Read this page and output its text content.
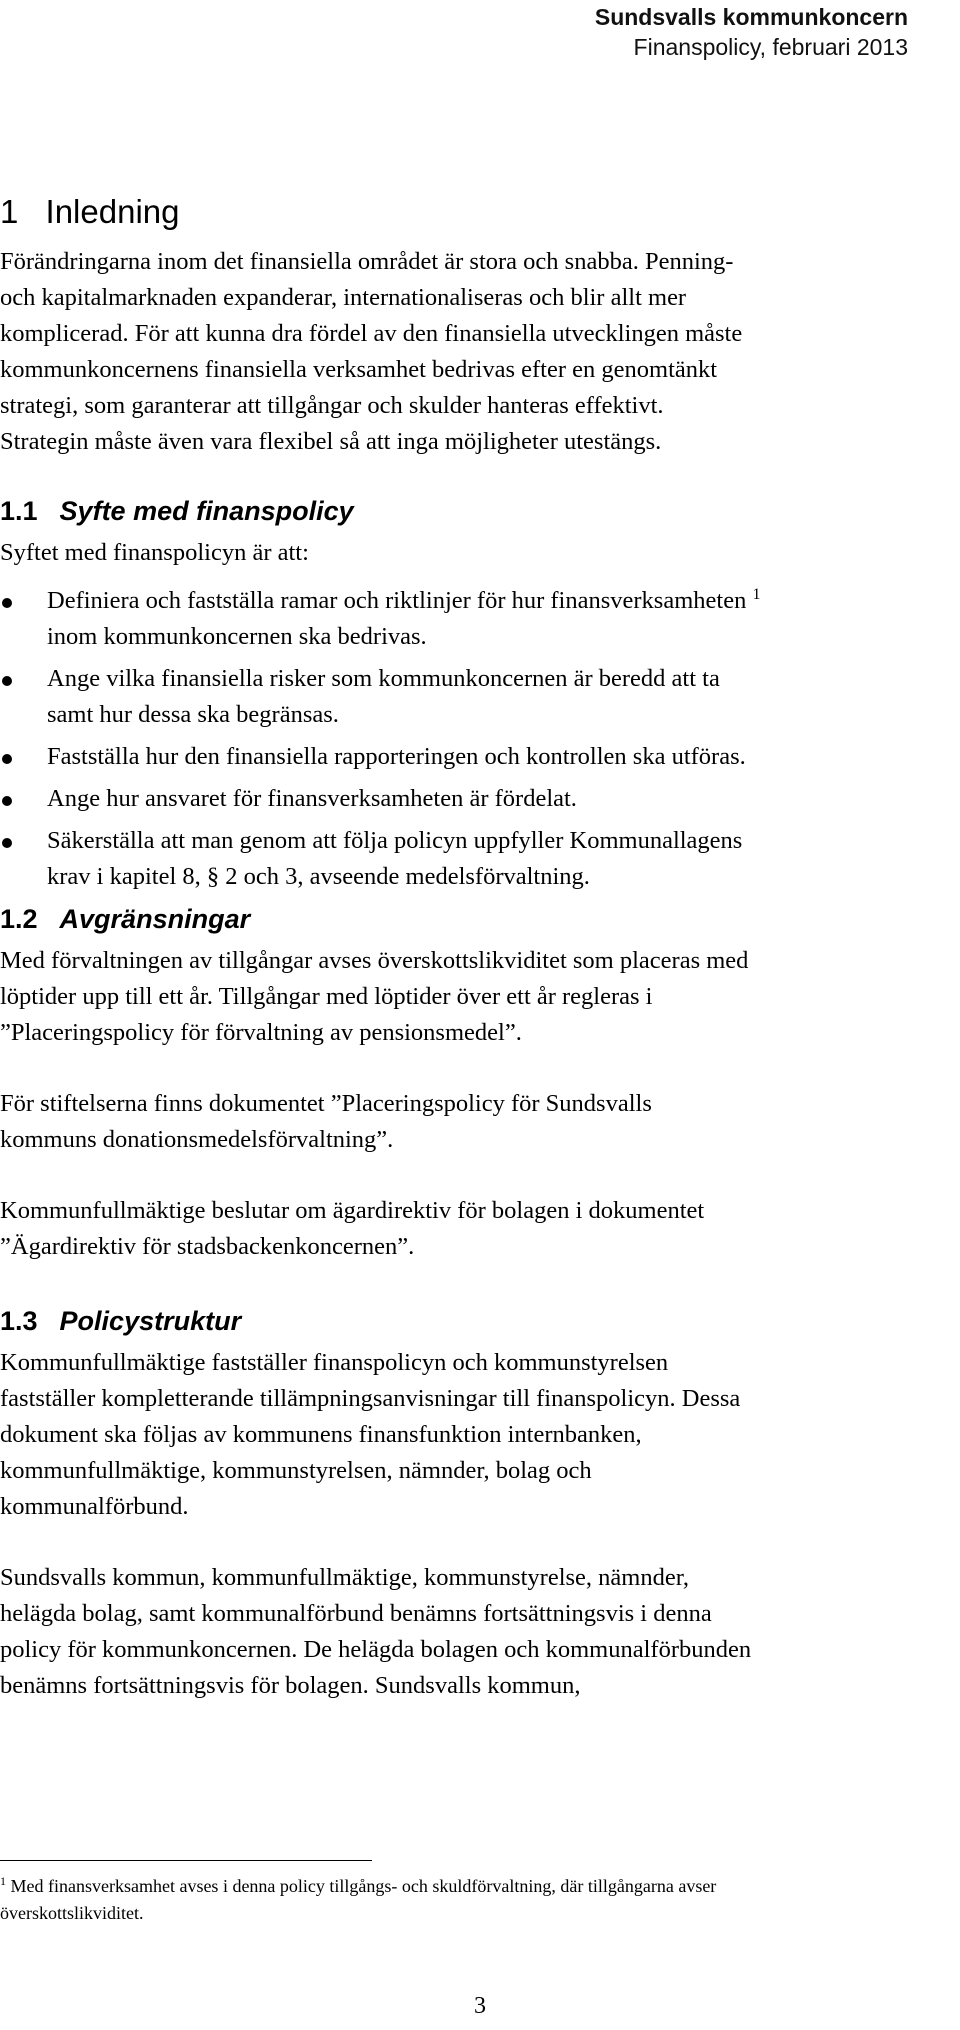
Sundsvalls kommunkoncern
Finanspolicy, februari 2013
1 Inledning
Förändringarna inom det finansiella området är stora och snabba. Penning-
och kapitalmarknaden expanderar, internationaliseras och blir allt mer
komplicerad. För att kunna dra fördel av den finansiella utvecklingen måste
kommunkoncernens finansiella verksamhet bedrivas efter en genomtänkt
strategi, som garanterar att tillgångar och skulder hanteras effektivt.
Strategin måste även vara flexibel så att inga möjligheter utestängs.
1.1 Syfte med finanspolicy
Syftet med finanspolicyn är att:
Definiera och fastställa ramar och riktlinjer för hur finansverksamheten $^1$
inom kommunkoncernen ska bedrivas.
Ange vilka finansiella risker som kommunkoncernen är beredd att ta
samt hur dessa ska begränsas.
Fastställa hur den finansiella rapporteringen och kontrollen ska utföras.
Ange hur ansvaret för finansverksamheten är fördelat.
Säkerställa att man genom att följa policyn uppfyller Kommunallagens
krav i kapitel 8, § 2 och 3, avseende medelsförvaltning.
1.2 Avgränsningar
Med förvaltningen av tillgångar avses överskottslikviditet som placeras med
löptider upp till ett år. Tillgångar med löptider över ett år regleras i
”Placeringspolicy för förvaltning av pensionsmedel”.
För stiftelserna finns dokumentet ”Placeringspolicy för Sundsvalls
kommuns donationsmedelsförvaltning”.
Kommunfullmäktige beslutar om ägardirektiv för bolagen i dokumentet
”Ägardirektiv för stadsbackenkoncernen”.
1.3 Policystruktur
Kommunfullmäktige fastställer finanspolicyn och kommunstyrelsen
fastställer kompletterande tillämpningsanvisningar till finanspolicyn. Dessa
dokument ska följas av kommunens finansfunktion internbanken,
kommunfullmäktige, kommunstyrelsen, nämnder, bolag och
kommunalförbund.
Sundsvalls kommun, kommunfullmäktige, kommunstyrelse, nämnder,
helägda bolag, samt kommunalförbund benämns fortsättningsvis i denna
policy för kommunkoncernen. De helägda bolagen och kommunalförbunden
benämns fortsättningsvis för bolagen. Sundsvalls kommun,
$^1$ Med finansverksamhet avses i denna policy tillgångs- och skuldförvaltning, där tillgångarna avser
överskottslikviditet.
3
